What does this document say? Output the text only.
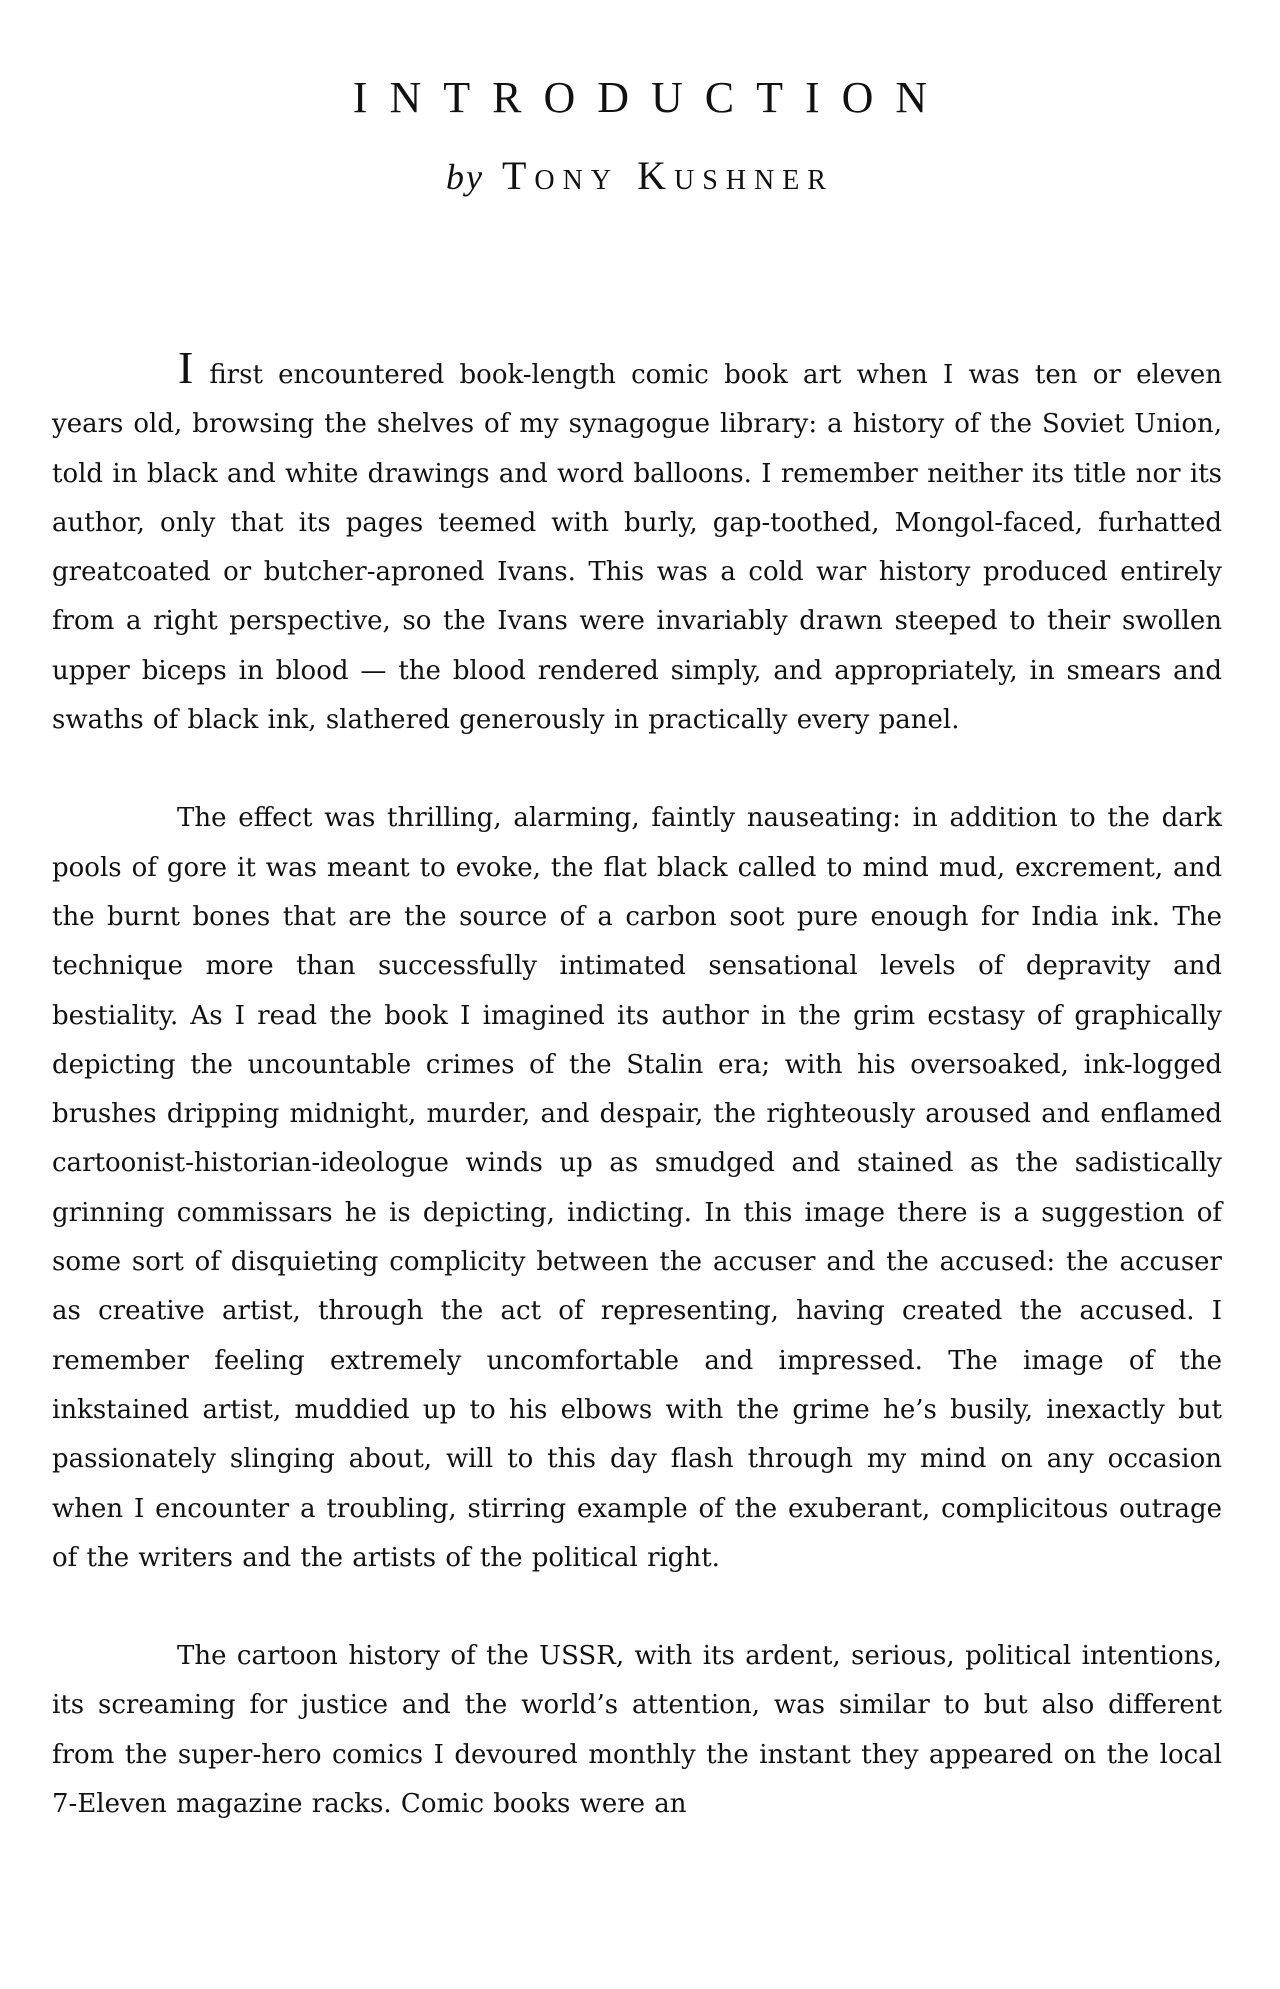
INTRODUCTION
by Tony Kushner

Ifirst encountered book-length comic book art when I was ten or eleven years old, browsing the shelves of my synagogue library: a history of the Soviet Union, told in black and white drawings and word balloons. I remember neither its title nor its author, only that its pages teemed with burly, gap-toothed, Mongol-faced, furhatted greatcoated or butcher-aproned Ivans. This was a cold war history produced entirely from a right perspective, so the Ivans were invariably drawn steeped to their swollen upper biceps in blood — the blood rendered simply, and appropriately, in smears and swaths of black ink, slathered generously in practically every panel.

The effect was thrilling, alarming, faintly nauseating: in addition to the dark pools of gore it was meant to evoke, the flat black called to mind mud, excrement, and the burnt bones that are the source of a carbon soot pure enough for India ink. The technique more than successfully intimated sensational levels of depravity and bestiality. As I read the book I imagined its author in the grim ecstasy of graphically depicting the uncountable crimes of the Stalin era; with his oversoaked, ink-logged brushes dripping midnight, murder, and despair, the righteously aroused and enflamed cartoonist-historian-ideologue winds up as smudged and stained as the sadistically grinning commissars he is depicting, indicting. In this image there is a suggestion of some sort of disquieting complicity between the accuser and the accused: the accuser as creative artist, through the act of representing, having created the accused. I remember feeling extremely uncomfortable and impressed. The image of the inkstained artist, muddied up to his elbows with the grime he’s busily, inexactly but passionately slinging about, will to this day flash through my mind on any occasion when I encounter a troubling, stirring example of the exuberant, complicitous outrage of the writers and the artists of the political right.

The cartoon history of the USSR, with its ardent, serious, political intentions, its screaming for justice and the world’s attention, was similar to but also different from the super-hero comics I devoured monthly the instant they appeared on the local 7-Eleven magazine racks. Comic books were an
